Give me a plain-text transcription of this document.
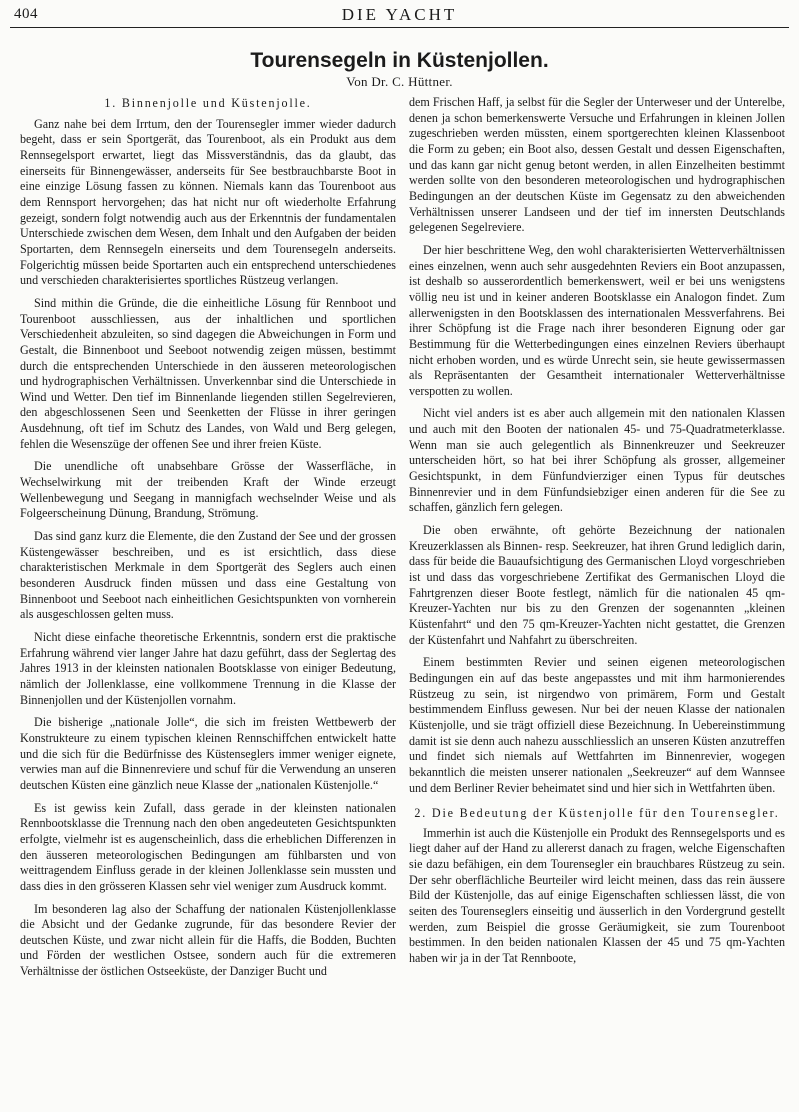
404	DIE YACHT
Tourensegeln in Küstenjollen.
Von Dr. C. Hüttner.
1. Binnenjolle und Küstenjolle.

Ganz nahe bei dem Irrtum, den der Tourensegler immer wieder dadurch begeht, dass er sein Sportgerät, das Tourenboot, als ein Produkt aus dem Rennsegelsport erwartet, liegt das Missverständnis, das da glaubt, das einerseits für Binnengewässer, anderseits für See bestbrauchbarste Boot in eine einzige Lösung fassen zu können. Niemals kann das Tourenboot aus dem Rennsport hervorgehen; das hat nicht nur oft wiederholte Erfahrung gezeigt, sondern folgt notwendig auch aus der Erkenntnis der fundamentalen Unterschiede zwischen dem Wesen, dem Inhalt und den Aufgaben der beiden Sportarten, dem Rennsegeln einerseits und dem Tourensegeln anderseits. Folgerichtig müssen beide Sportarten auch ein entsprechend unterschiedenes und verschieden charakterisiertes sportliches Rüstzeug verlangen.

Sind mithin die Gründe, die die einheitliche Lösung für Rennboot und Tourenboot ausschliessen, aus der inhaltlichen und sportlichen Verschiedenheit abzuleiten, so sind dagegen die Abweichungen in Form und Gestalt, die Binnenboot und Seeboot notwendig zeigen müssen, bestimmt durch die entsprechenden Unterschiede in den äusseren meteorologischen und hydrographischen Verhältnissen. Unverkennbar sind die Unterschiede in Wind und Wetter. Den tief im Binnenlande liegenden stillen Segelrevieren, den abgeschlossenen Seen und Seenketten der Flüsse in ihrer geringen Ausdehnung, oft tief im Schutz des Landes, von Wald und Berg gelegen, fehlen die Wesenszüge der offenen See und ihrer freien Küste.

Die unendliche oft unabsehbare Grösse der Wasserfläche, in Wechselwirkung mit der treibenden Kraft der Winde erzeugt Wellenbewegung und Seegang in mannigfach wechselnder Weise und als Folgeerscheinung Dünung, Brandung, Strömung.

Das sind ganz kurz die Elemente, die den Zustand der See und der grossen Küstengewässer beschreiben, und es ist ersichtlich, dass diese charakteristischen Merkmale in dem Sportgerät des Seglers auch einen besonderen Ausdruck finden müssen und dass eine Gestaltung von Binnenboot und Seeboot nach einheitlichen Gesichtspunkten von vornherein als ausgeschlossen gelten muss.

Nicht diese einfache theoretische Erkenntnis, sondern erst die praktische Erfahrung während vier langer Jahre hat dazu geführt, dass der Seglertag des Jahres 1913 in der kleinsten nationalen Bootsklasse von einiger Bedeutung, nämlich der Jollenklasse, eine vollkommene Trennung in die Klasse der Binnenjollen und der Küstenjollen vornahm.

Die bisherige „nationale Jolle“, die sich im freisten Wettbewerb der Konstrukteure zu einem typischen kleinen Rennschiffchen entwickelt hatte und die sich für die Bedürfnisse des Küstenseglers immer weniger eignete, verwies man auf die Binnenreviere und schuf für die Verwendung an unseren deutschen Küsten eine gänzlich neue Klasse der „nationalen Küstenjolle.“

Es ist gewiss kein Zufall, dass gerade in der kleinsten nationalen Rennbootsklasse die Trennung nach den oben angedeuteten Gesichtspunkten erfolgte, vielmehr ist es augenscheinlich, dass die erheblichen Differenzen in den äusseren meteorologischen Bedingungen am fühlbarsten und von weittragendem Einfluss gerade in der kleinen Jollenklasse sein mussten und dass dies in den grösseren Klassen sehr viel weniger zum Ausdruck kommt.

Im besonderen lag also der Schaffung der nationalen Küstenjollenklasse die Absicht und der Gedanke zugrunde, für das besondere Revier der deutschen Küste, und zwar nicht allein für die Haffs, die Bodden, Buchten und Förden der westlichen Ostsee, sondern auch für die extremeren Verhältnisse der östlichen Ostseeküste, der Danziger Bucht und

dem Frischen Haff, ja selbst für die Segler der Unterweser und der Unterelbe, denen ja schon bemerkenswerte Versuche und Erfahrungen in kleinen Jollen zugeschrieben werden müssten, einem sportgerechten kleinen Klassenboot die Form zu geben; ein Boot also, dessen Gestalt und dessen Eigenschaften, und das kann gar nicht genug betont werden, in allen Einzelheiten bestimmt werden sollte von den besonderen meteorologischen und hydrographischen Bedingungen an der deutschen Küste im Gegensatz zu den abweichenden Verhältnissen unserer Landseen und der tief im innersten Deutschlands gelegenen Segelreviere.

Der hier beschrittene Weg, den wohl charakterisierten Wetterverhältnissen eines einzelnen, wenn auch sehr ausgedehnten Reviers ein Boot anzupassen, ist deshalb so ausserordentlich bemerkenswert, weil er bei uns wenigstens völlig neu ist und in keiner anderen Bootsklasse ein Analogon findet. Zum allerwenigsten in den Bootsklassen des internationalen Messverfahrens. Bei ihrer Schöpfung ist die Frage nach ihrer besonderen Eignung oder gar Bestimmung für die Wetterbedingungen eines einzelnen Reviers überhaupt nicht erhoben worden, und es würde Unrecht sein, sie heute gewissermassen als Repräsentanten der Gesamtheit internationaler Wetterverhältnisse verspotten zu wollen.

Nicht viel anders ist es aber auch allgemein mit den nationalen Klassen und auch mit den Booten der nationalen 45- und 75-Quadratmeterklasse. Wenn man sie auch gelegentlich als Binnenkreuzer und Seekreuzer unterscheiden hört, so hat bei ihrer Schöpfung als grosser, allgemeiner Gesichtspunkt, in dem Fünfundvierziger einen Typus für deutsches Binnenrevier und in dem Fünfundsiebziger einen anderen für die See zu schaffen, gänzlich fern gelegen.

Die oben erwähnte, oft gehörte Bezeichnung der nationalen Kreuzerklassen als Binnen- resp. Seekreuzer, hat ihren Grund lediglich darin, dass für beide die Bauaufsichtigung des Germanischen Lloyd vorgeschrieben ist und dass das vorgeschriebene Zertifikat des Germanischen Lloyd die Fahrtgrenzen dieser Boote festlegt, nämlich für die nationalen 45 qm-Kreuzer-Yachten nur bis zu den Grenzen der sogenannten „kleinen Küstenfahrt“ und den 75 qm-Kreuzer-Yachten nicht gestattet, die Grenzen der Küstenfahrt und Nahfahrt zu überschreiten.

Einem bestimmten Revier und seinen eigenen meteorologischen Bedingungen ein auf das beste angepasstes und mit ihm harmonierendes Rüstzeug zu sein, ist nirgendwo von primärem, Form und Gestalt bestimmendem Einfluss gewesen. Nur bei der neuen Klasse der nationalen Küstenjolle, und sie trägt offiziell diese Bezeichnung. In Uebereinstimmung damit ist sie denn auch nahezu ausschliesslich an unseren Küsten anzutreffen und findet sich niemals auf Wettfahrten im Binnenrevier, wogegen bekanntlich die meisten unserer nationalen „Seekreuzer“ auf dem Wannsee und dem Berliner Revier beheimatet sind und hier sich in Wettfahrten üben.

2. Die Bedeutung der Küstenjolle für den Tourensegler.

Immerhin ist auch die Küstenjolle ein Produkt des Rennsegelsports und es liegt daher auf der Hand zu allererst danach zu fragen, welche Eigenschaften sie dazu befähigen, ein dem Tourensegler ein brauchbares Rüstzeug zu sein. Der sehr oberflächliche Beurteiler wird leicht meinen, dass das rein äussere Bild der Küstenjolle, das auf einige Eigenschaften schliessen lässt, die von seiten des Tourenseglers einseitig und äusserlich in den Vordergrund gestellt werden, zum Beispiel die grosse Geräumigkeit, sie zum Tourenboot bestimmen. In den beiden nationalen Klassen der 45 und 75 qm-Yachten haben wir ja in der Tat Rennboote,
